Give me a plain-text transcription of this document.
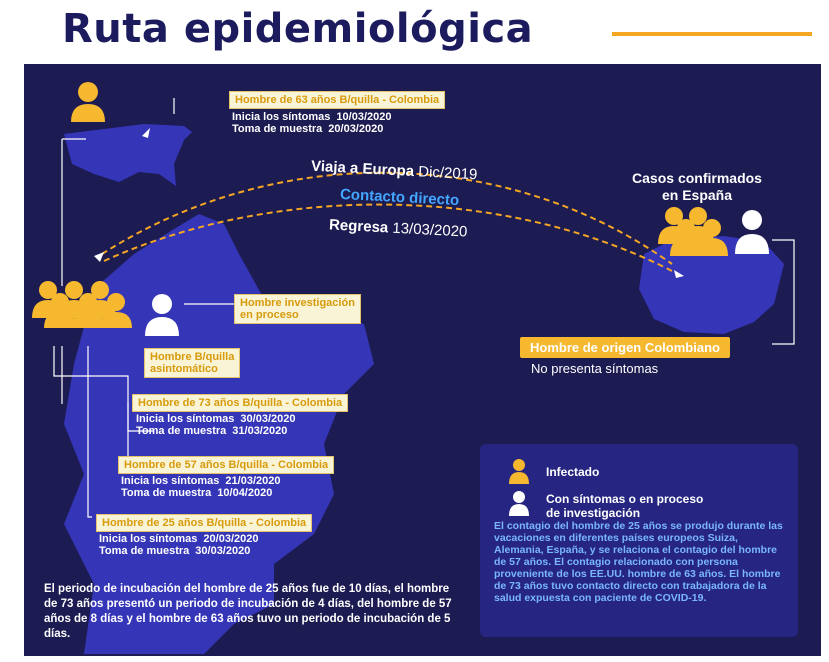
Ruta epidemiológica
Hombre de 63 años B/quilla - Colombia
Inicia los síntomas 10/03/2020
Toma de muestra 20/03/2020
Viaja a Europa Dic/2019
Contacto directo
Regresa 13/03/2020
Casos confirmados
en España
Hombre de origen Colombiano
No presenta síntomas
Hombre investigación
en proceso
Hombre B/quilla
asintomático
Hombre de 73 años B/quilla - Colombia
Inicia los síntomas 30/03/2020
Toma de muestra 31/03/2020
Hombre de 57 años B/quilla - Colombia
Inicia los síntomas 21/03/2020
Toma de muestra 10/04/2020
Hombre de 25 años B/quilla - Colombia
Inicia los síntomas 20/03/2020
Toma de muestra 30/03/2020
Infectado
Con síntomas o en proceso
de investigación
El contagio del hombre de 25 años se produjo durante las vacaciones en diferentes países europeos Suiza, Alemania, España, y se relaciona el contagio del hombre de 57 años. El contagio relacionado con persona proveniente de los EE.UU. hombre de 63 años. El hombre de 73 años tuvo contacto directo con trabajadora de la salud expuesta con paciente de COVID-19.
El periodo de incubación del hombre de 25 años fue de 10 días, el hombre de 73 años presentó un periodo de incubación de 4 días, del hombre de 57 años de 8 días y el hombre de 63 años tuvo un periodo de incubación de 5 días.
